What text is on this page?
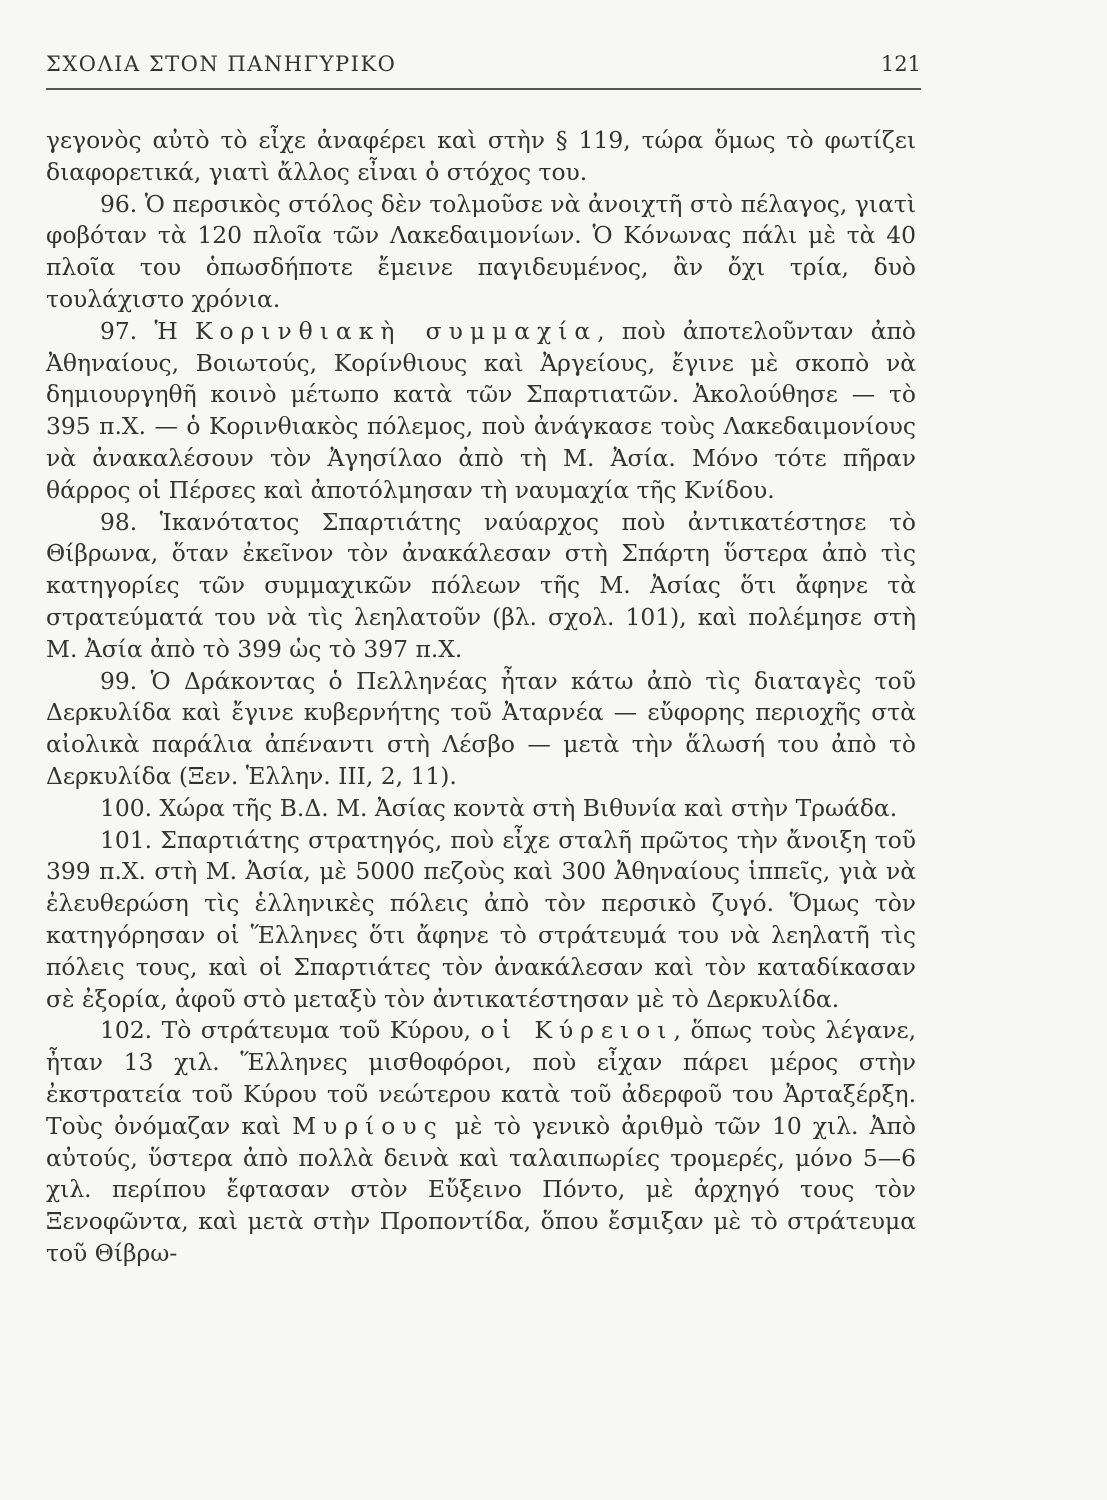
ΣΧΟΛΙΑ ΣΤΟΝ ΠΑΝΗΓΥΡΙΚΟ	121

γεγονὸς αὐτὸ τὸ εἶχε ἀναφέρει καὶ στὴν § 119, τώρα ὅμως τὸ φωτίζει διαφορετικά, γιατὶ ἄλλος εἶναι ὁ στόχος του.

96. Ὁ περσικὸς στόλος δὲν τολμοῦσε νὰ ἀνοιχτῆ στὸ πέλαγος, γιατὶ φοβόταν τὰ 120 πλοῖα τῶν Λακεδαιμονίων. Ὁ Κόνωνας πάλι μὲ τὰ 40 πλοῖα του ὁπωσδήποτε ἔμεινε παγιδευμένος, ἂν ὄχι τρία, δυὸ τουλάχιστο χρόνια.

97. Ἡ Κορινθιακὴ συμμαχία, ποὺ ἀποτελοῦνταν ἀπὸ Ἀθηναίους, Βοιωτούς, Κορίνθιους καὶ Ἀργείους, ἔγινε μὲ σκοπὸ νὰ δημιουργηθῆ κοινὸ μέτωπο κατὰ τῶν Σπαρτιατῶν. Ἀκολούθησε — τὸ 395 π.Χ. — ὁ Κορινθιακὸς πόλεμος, ποὺ ἀνάγκασε τοὺς Λακεδαιμονίους νὰ ἀνακαλέσουν τὸν Ἀγησίλαο ἀπὸ τὴ Μ. Ἀσία. Μόνο τότε πῆραν θάρρος οἱ Πέρσες καὶ ἀποτόλμησαν τὴ ναυμαχία τῆς Κνίδου.

98. Ἱκανότατος Σπαρτιάτης ναύαρχος ποὺ ἀντικατέστησε τὸ Θίβρωνα, ὅταν ἐκεῖνον τὸν ἀνακάλεσαν στὴ Σπάρτη ὕστερα ἀπὸ τὶς κατηγορίες τῶν συμμαχικῶν πόλεων τῆς Μ. Ἀσίας ὅτι ἄφηνε τὰ στρατεύματά του νὰ τὶς λεηλατοῦν (βλ. σχολ. 101), καὶ πολέμησε στὴ Μ. Ἀσία ἀπὸ τὸ 399 ὡς τὸ 397 π.Χ.

99. Ὁ Δράκοντας ὁ Πελληνέας ἦταν κάτω ἀπὸ τὶς διαταγὲς τοῦ Δερκυλίδα καὶ ἔγινε κυβερνήτης τοῦ Ἀταρνέα — εὔφορης περιοχῆς στὰ αἰολικὰ παράλια ἀπέναντι στὴ Λέσβο — μετὰ τὴν ἅλωσή του ἀπὸ τὸ Δερκυλίδα (Ξεν. Ἑλλην. III, 2, 11).

100. Χώρα τῆς Β.Δ. Μ. Ἀσίας κοντὰ στὴ Βιθυνία καὶ στὴν Τρωάδα.

101. Σπαρτιάτης στρατηγός, ποὺ εἶχε σταλῆ πρῶτος τὴν ἄνοιξη τοῦ 399 π.Χ. στὴ Μ. Ἀσία, μὲ 5000 πεζοὺς καὶ 300 Ἀθηναίους ἱππεῖς, γιὰ νὰ ἐλευθερώση τὶς ἑλληνικὲς πόλεις ἀπὸ τὸν περσικὸ ζυγό. Ὅμως τὸν κατηγόρησαν οἱ Ἕλληνες ὅτι ἄφηνε τὸ στράτευμά του νὰ λεηλατῆ τὶς πόλεις τους, καὶ οἱ Σπαρτιάτες τὸν ἀνακάλεσαν καὶ τὸν καταδίκασαν σὲ ἐξορία, ἀφοῦ στὸ μεταξὺ τὸν ἀντικατέστησαν μὲ τὸ Δερκυλίδα.

102. Τὸ στράτευμα τοῦ Κύρου, οἱ Κύρειοι, ὅπως τοὺς λέγανε, ἦταν 13 χιλ. Ἕλληνες μισθοφόροι, ποὺ εἶχαν πάρει μέρος στὴν ἐκστρατεία τοῦ Κύρου τοῦ νεώτερου κατὰ τοῦ ἀδερφοῦ του Ἀρταξέρξη. Τοὺς ὀνόμαζαν καὶ Μυρίους μὲ τὸ γενικὸ ἀριθμὸ τῶν 10 χιλ. Ἀπὸ αὐτούς, ὕστερα ἀπὸ πολλὰ δεινὰ καὶ ταλαιπωρίες τρομερές, μόνο 5—6 χιλ. περίπου ἔφτασαν στὸν Εὔξεινο Πόντο, μὲ ἀρχηγό τους τὸν Ξενοφῶντα, καὶ μετὰ στὴν Προποντίδα, ὅπου ἔσμιξαν μὲ τὸ στράτευμα τοῦ Θίβρω-
